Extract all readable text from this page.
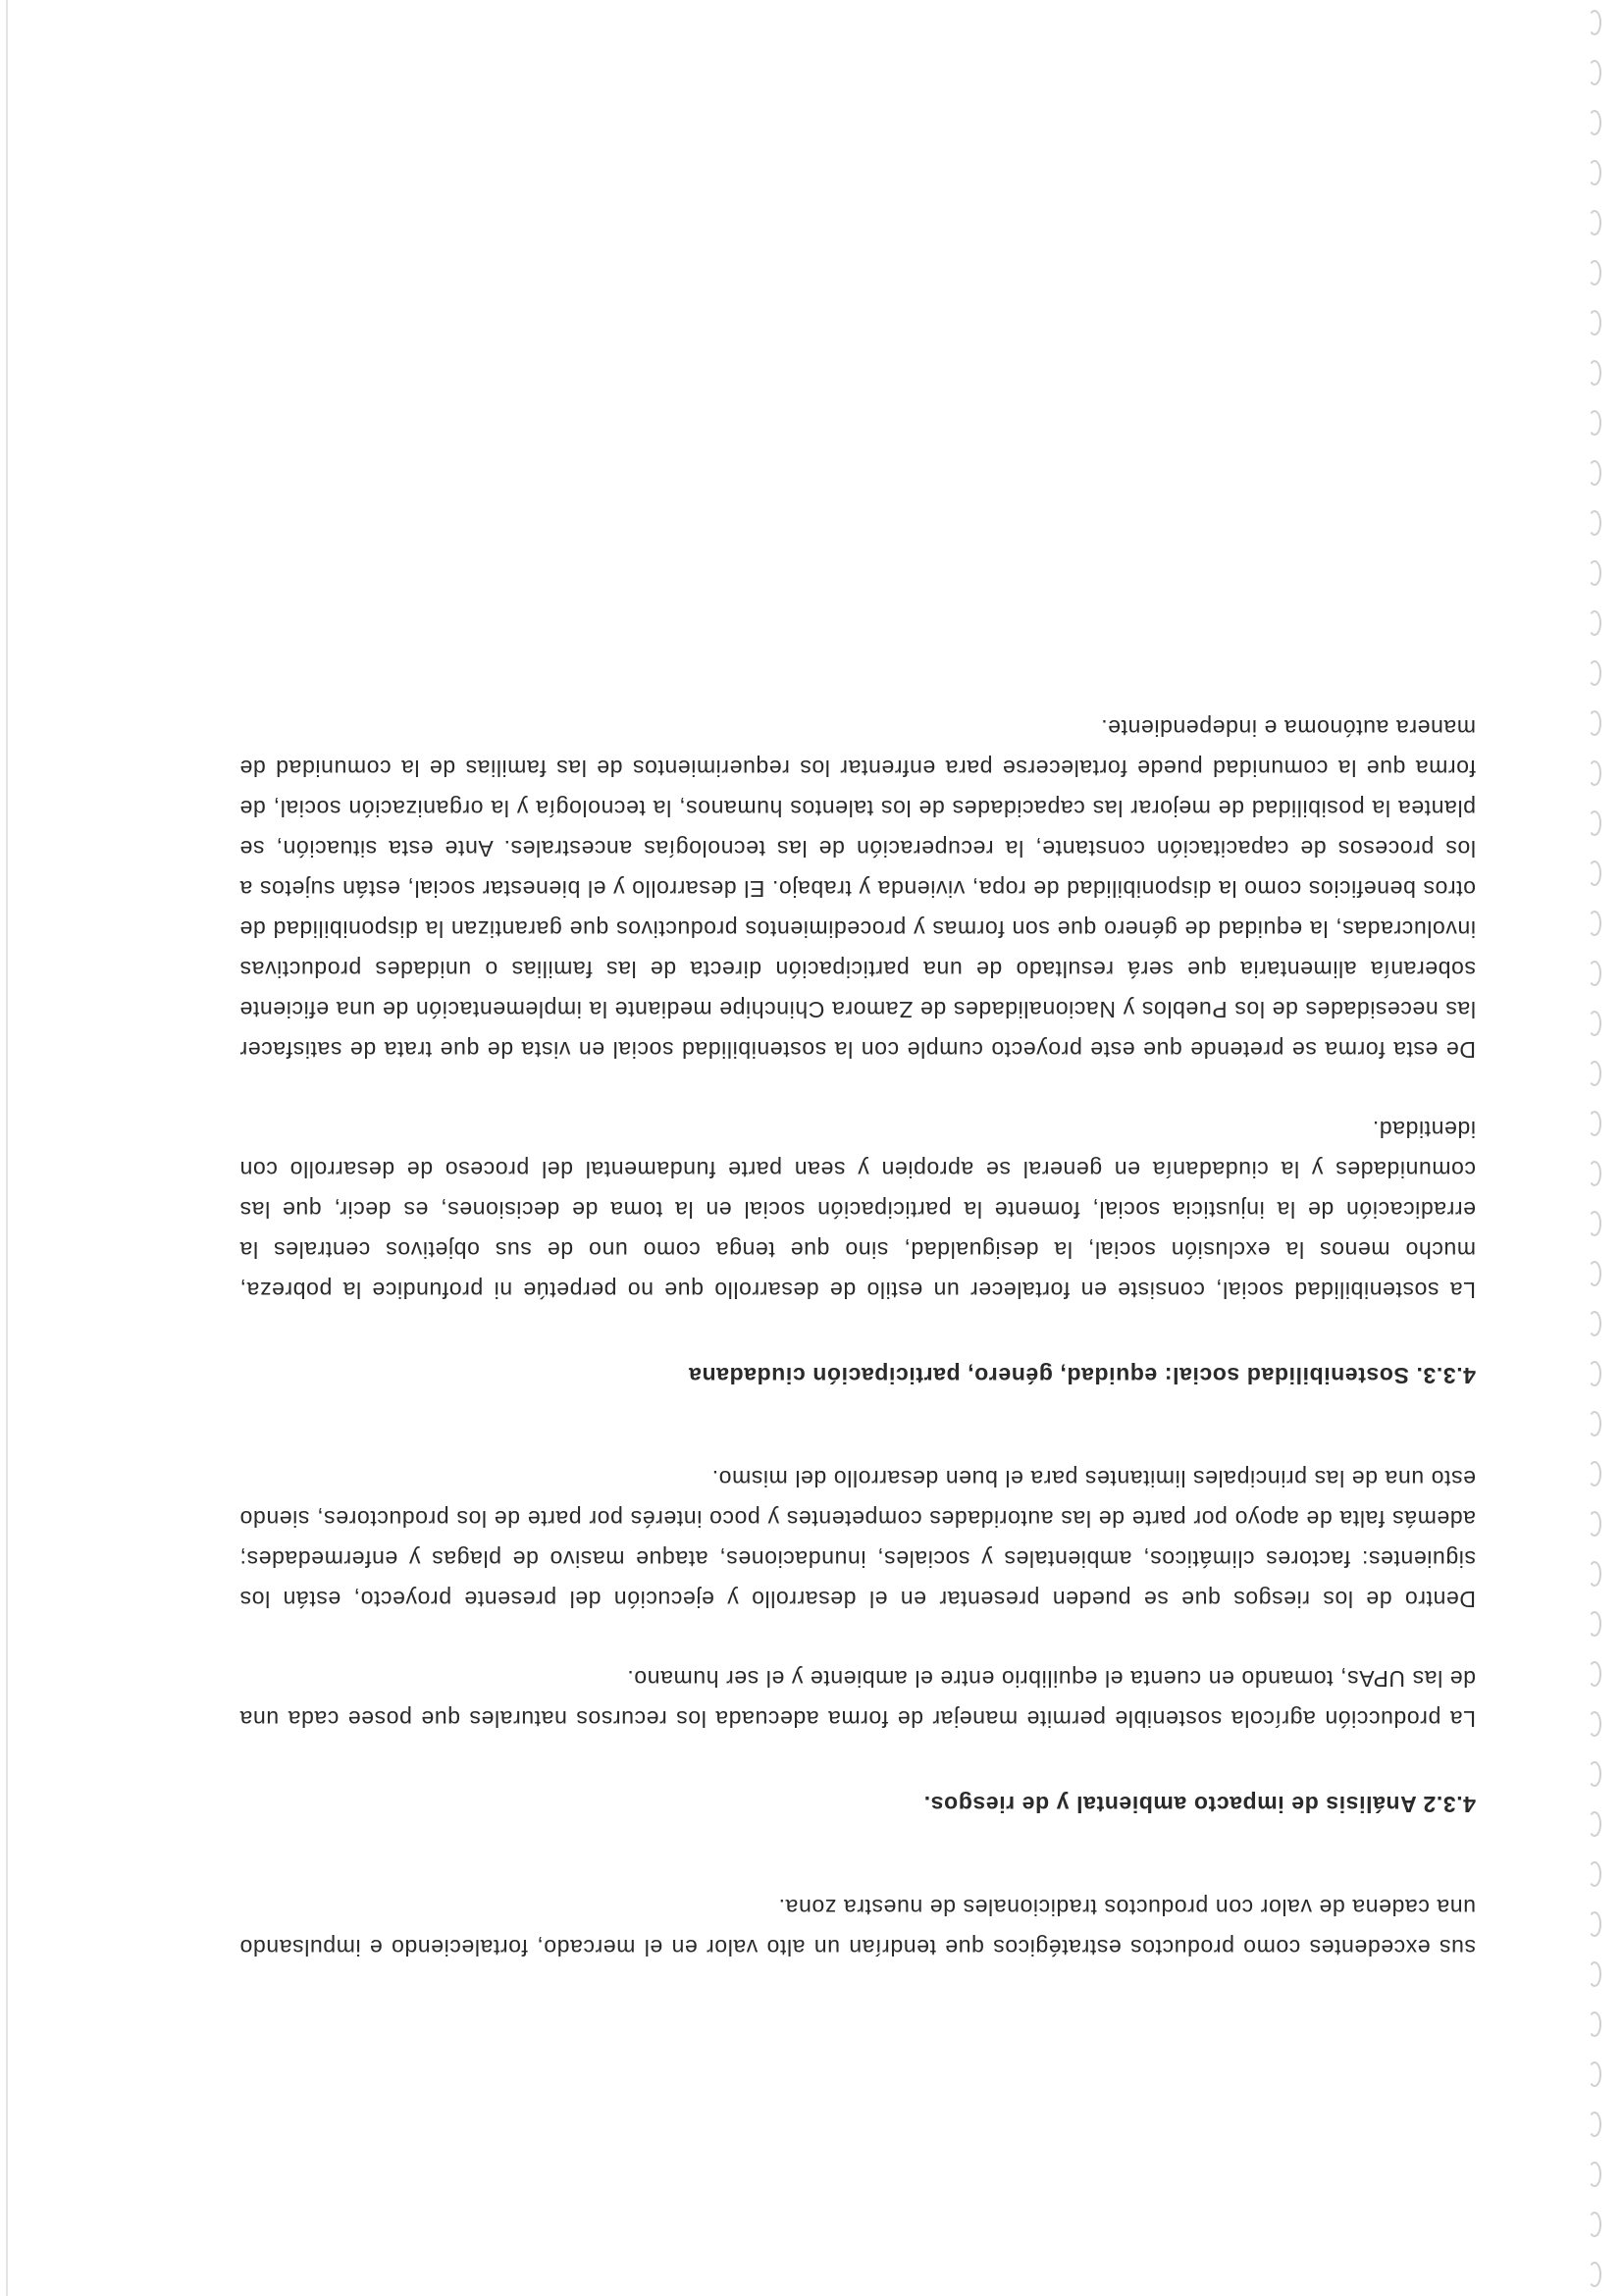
sus excedentes como productos estratégicos que tendrían un alto valor en el mercado, fortaleciendo e impulsando una cadena de valor con productos tradicionales de nuestra zona.

4.3.2 Análisis de impacto ambiental y de riesgos.

La producción agrícola sostenible permite manejar de forma adecuada los recursos naturales que posee cada una de las UPAs, tomando en cuenta el equilibrio entre el ambiente y el ser humano.

Dentro de los riesgos que se pueden presentar en el desarrollo y ejecución del presente proyecto, están los siguientes: factores climáticos, ambientales y sociales, inundaciones, ataque masivo de plagas y enfermedades; además falta de apoyo por parte de las autoridades competentes y poco interés por parte de los productores, siendo esto una de las principales limitantes para el buen desarrollo del mismo.

4.3.3. Sostenibilidad social: equidad, género, participación ciudadana

La sostenibilidad social, consiste en fortalecer un estilo de desarrollo que no perpetúe ni profundice la pobreza, mucho menos la exclusión social, la desigualdad, sino que tenga como uno de sus objetivos centrales la erradicación de la injusticia social, fomente la participación social en la toma de decisiones, es decir, que las comunidades y la ciudadanía en general se apropien y sean parte fundamental del proceso de desarrollo con identidad.

De esta forma se pretende que este proyecto cumple con la sostenibilidad social en vista de que trata de satisfacer las necesidades de los Pueblos y Nacionalidades de Zamora Chinchipe mediante la implementación de una eficiente soberanía alimentaria que será resultado de una participación directa de las familias o unidades productivas involucradas, la equidad de género que son formas y procedimientos productivos que garantizan la disponibilidad de otros beneficios como la disponibilidad de ropa, vivienda y trabajo. El desarrollo y el bienestar social, están sujetos a los procesos de capacitación constante, la recuperación de las tecnologías ancestrales. Ante esta situación, se plantea la posibilidad de mejorar las capacidades de los talentos humanos, la tecnología y la organización social, de forma que la comunidad puede fortalecerse para enfrentar los requerimientos de las familias de la comunidad de manera autónoma e independiente.
